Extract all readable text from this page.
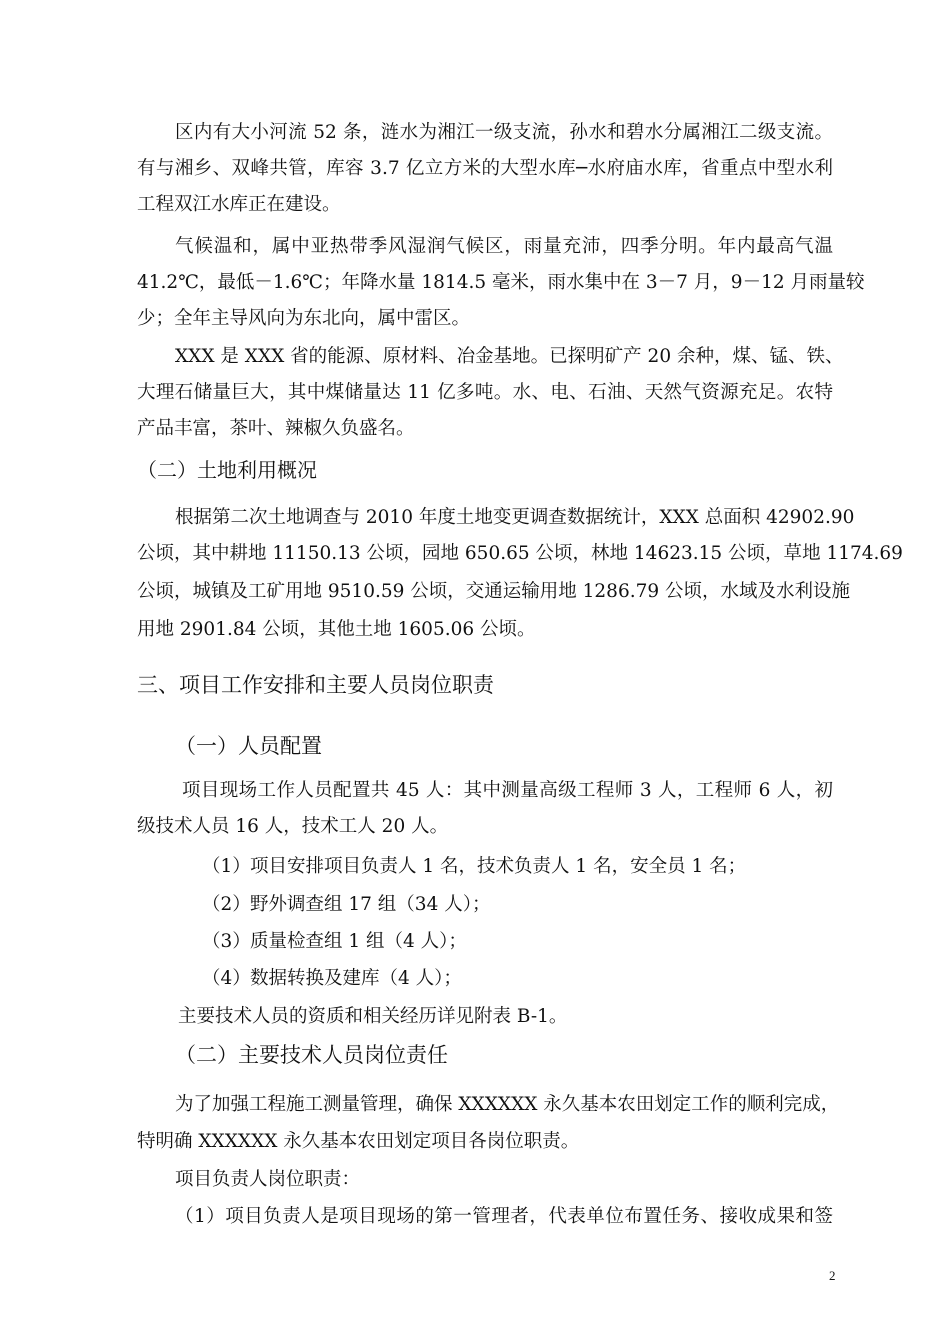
区内有大小河流 52 条，涟水为湘江一级支流，孙水和碧水分属湘江二级支流。
有与湘乡、双峰共管，库容 3.7 亿立方米的大型水库─水府庙水库，省重点中型水利
工程双江水库正在建设。
气候温和，属中亚热带季风湿润气候区，雨量充沛，四季分明。年内最高气温
41.2℃，最低－1.6℃；年降水量 1814.5 毫米，雨水集中在 3－7 月，9－12 月雨量较
少；全年主导风向为东北向，属中雷区。
XXX 是 XXX 省的能源、原材料、冶金基地。已探明矿产 20 余种，煤、锰、铁、
大理石储量巨大，其中煤储量达 11 亿多吨。水、电、石油、天然气资源充足。农特
产品丰富，茶叶、辣椒久负盛名。
（二）土地利用概况
根据第二次土地调查与 2010 年度土地变更调查数据统计，XXX 总面积 42902.90
公顷，其中耕地 11150.13 公顷，园地 650.65 公顷，林地 14623.15 公顷，草地 1174.69
公顷，城镇及工矿用地 9510.59 公顷，交通运输用地 1286.79 公顷，水域及水利设施
用地 2901.84 公顷，其他土地 1605.06 公顷。
三、项目工作安排和主要人员岗位职责
（一）人员配置
项目现场工作人员配置共 45 人：其中测量高级工程师 3 人，工程师 6 人，初
级技术人员 16 人，技术工人 20 人。
（1）项目安排项目负责人 1 名，技术负责人 1 名，安全员 1 名；
（2）野外调查组 17 组（34 人）；
（3）质量检查组 1 组（4 人）；
（4）数据转换及建库（4 人）；
主要技术人员的资质和相关经历详见附表 B-1。
（二）主要技术人员岗位责任
为了加强工程施工测量管理，确保 XXXXXX 永久基本农田划定工作的顺利完成，
特明确 XXXXXX 永久基本农田划定项目各岗位职责。
项目负责人岗位职责：
（1）项目负责人是项目现场的第一管理者，代表单位布置任务、接收成果和签
2
